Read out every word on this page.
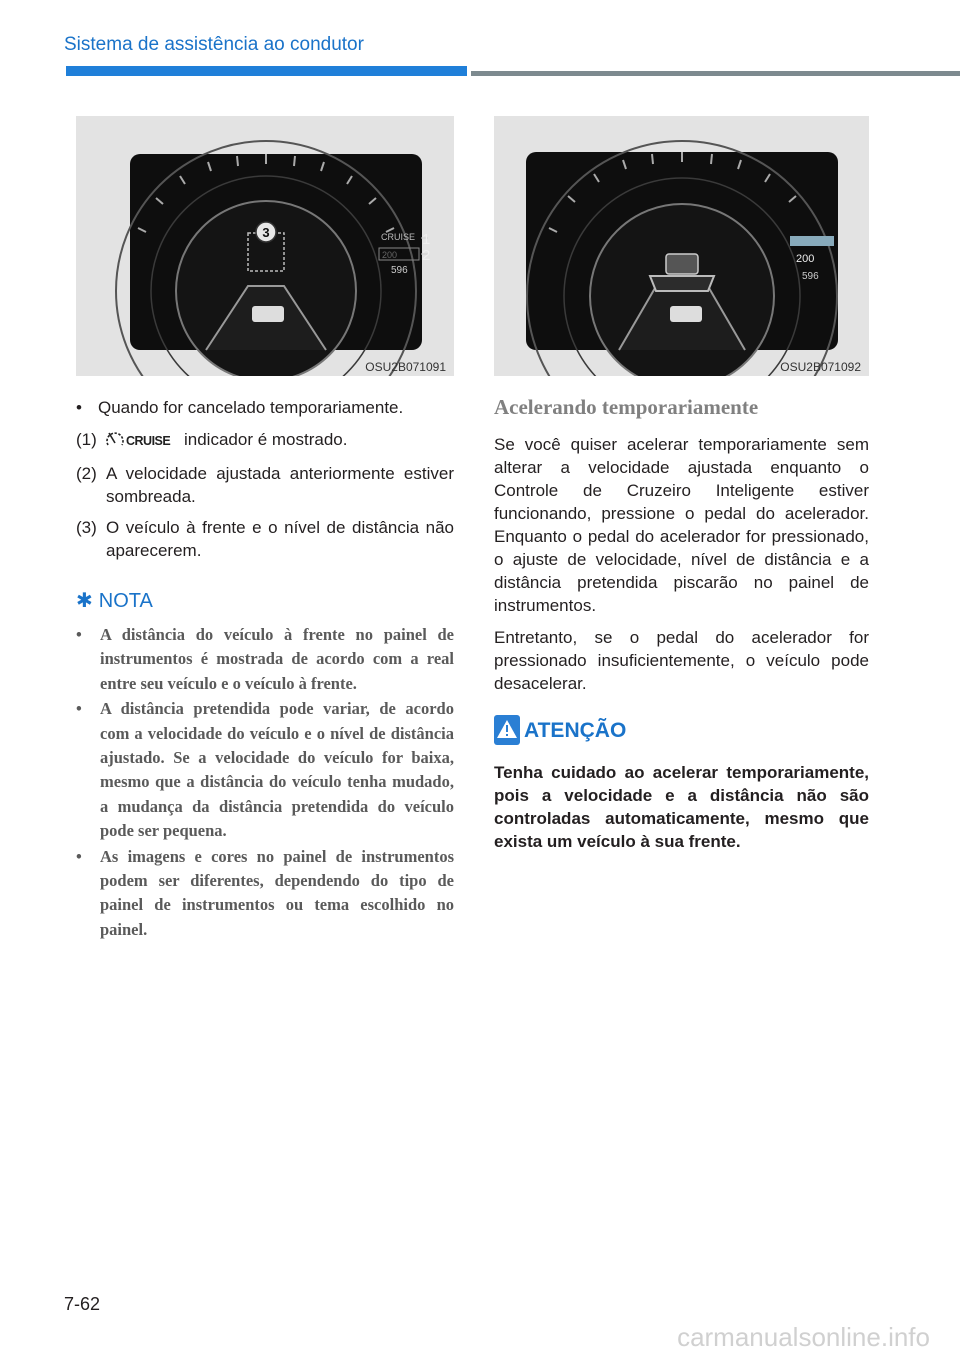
Sistema de assistência ao condutor
3	CRUISE
200
596
1
2
OSU2B071091
200
596
OSU2B071092
• Quando for cancelado temporariamente.
(1) CRUISE indicador é mostrado.
(2) A velocidade ajustada anteriormente estiver sombreada.
(3) O veículo à frente e o nível de distância não aparecerem.
✱ NOTA
• A distância do veículo à frente no painel de instrumentos é mostrada de acordo com a real entre seu veículo e o veículo à frente.
• A distância pretendida pode variar, de acordo com a velocidade do veículo e o nível de distância ajustado. Se a velocidade do veículo for baixa, mesmo que a distância do veículo tenha mudado, a mudança da distância pretendida do veículo pode ser pequena.
• As imagens e cores no painel de instrumentos podem ser diferentes, dependendo do tipo de painel de instrumentos ou tema escolhido no painel.
Acelerando temporariamente

Se você quiser acelerar temporariamente sem alterar a velocidade ajustada enquanto o Controle de Cruzeiro Inteligente estiver funcionando, pressione o pedal do acelerador. Enquanto o pedal do acelerador for pressionado, o ajuste de velocidade, nível de distância e a distância pretendida piscarão no painel de instrumentos.

Entretanto, se o pedal do acelerador for pressionado insuficientemente, o veículo pode desacelerar.

ATENÇÃO
Tenha cuidado ao acelerar temporariamente, pois a velocidade e a distância não são controladas automaticamente, mesmo que exista um veículo à sua frente.
7-62
carmanualsonline.info
